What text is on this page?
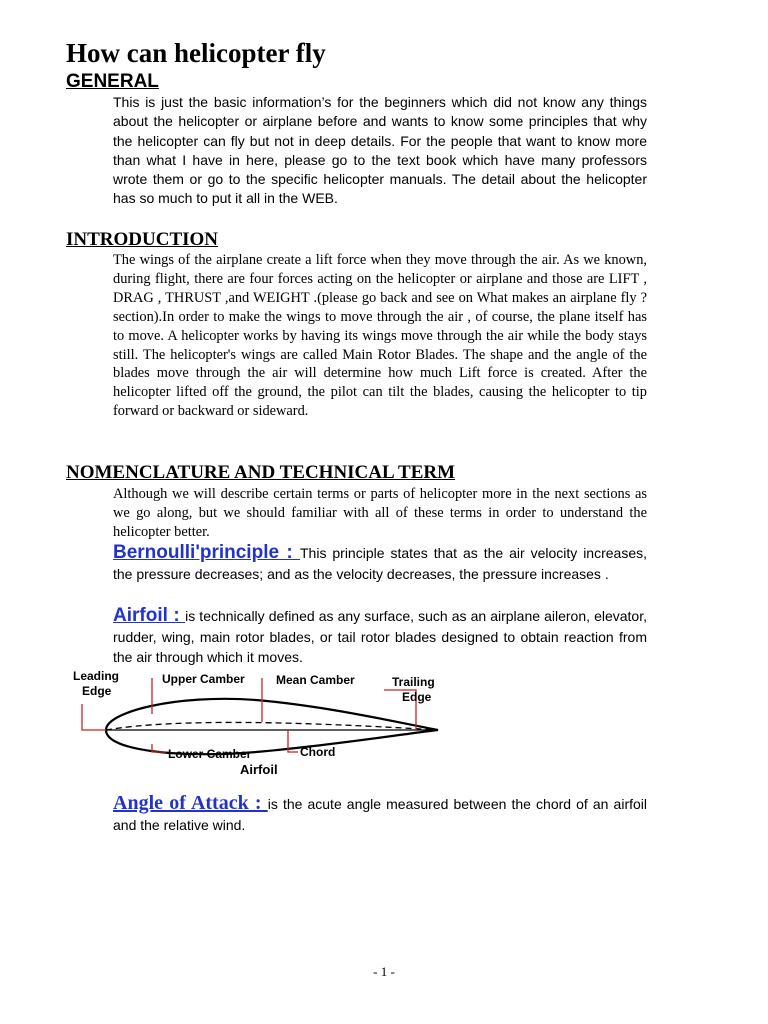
How can helicopter fly
GENERAL

This is just the basic information’s for the beginners which did not know any things about the helicopter or airplane before and wants to know some principles that why the helicopter can fly but not in deep details. For the people that want to know more than what I have in here, please go to the text book which have many professors wrote them or go to the specific helicopter manuals. The detail about the helicopter has so much to put it all in the WEB.

INTRODUCTION

The wings of the airplane create a lift force when they move through the air. As we known, during flight, there are four forces acting on the helicopter or airplane and those are LIFT , DRAG , THRUST ,and WEIGHT .(please go back and see on What makes an airplane fly ? section).In order to make the wings to move through the air , of course, the plane itself has to move. A helicopter works by having its wings move through the air while the body stays still. The helicopter's wings are called Main Rotor Blades. The shape and the angle of the blades move through the air will determine how much Lift force is created. After the helicopter lifted off the ground, the pilot can tilt the blades, causing the helicopter to tip forward or backward or sideward.

NOMENCLATURE AND TECHNICAL TERM

Although we will describe certain terms or parts of helicopter more in the next sections as we go along, but we should familiar with all of these terms in order to understand the helicopter better.

Bernoulli'principle : This principle states that as the air velocity increases, the pressure decreases; and as the velocity decreases, the pressure increases .

Airfoil : is technically defined as any surface, such as an airplane aileron, elevator, rudder, wing, main rotor blades, or tail rotor blades designed to obtain reaction from the air through which it moves.

Leading
Edge
Upper Camber	Mean Camber	Trailing
Edge
Lower Camber	Chord
Airfoil

Angle of Attack : is the acute angle measured between the chord of an airfoil and the relative wind.

- 1 -
